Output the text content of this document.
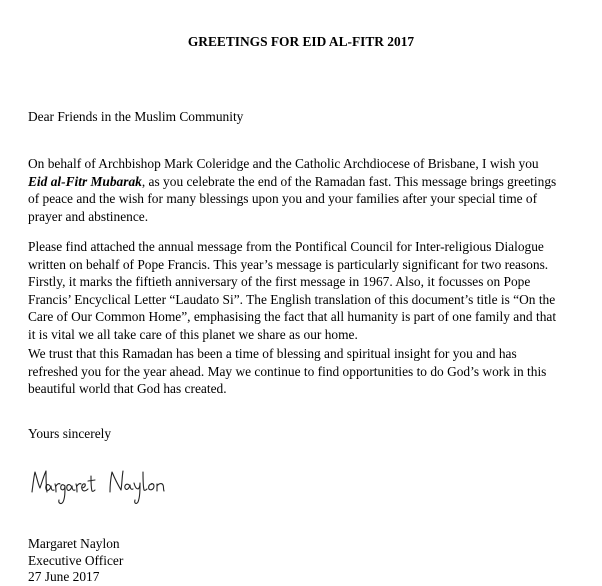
GREETINGS FOR EID AL-FITR 2017

Dear Friends in the Muslim Community

On behalf of Archbishop Mark Coleridge and the Catholic Archdiocese of Brisbane, I wish you
Eid al-Fitr Mubarak, as you celebrate the end of the Ramadan fast. This message brings greetings
of peace and the wish for many blessings upon you and your families after your special time of
prayer and abstinence.

Please find attached the annual message from the Pontifical Council for Inter-religious Dialogue
written on behalf of Pope Francis. This year’s message is particularly significant for two reasons.
Firstly, it marks the fiftieth anniversary of the first message in 1967. Also, it focusses on Pope
Francis’ Encyclical Letter “Laudato Si”. The English translation of this document’s title is “On the
Care of Our Common Home”, emphasising the fact that all humanity is part of one family and that
it is vital we all take care of this planet we share as our home.

We trust that this Ramadan has been a time of blessing and spiritual insight for you and has
refreshed you for the year ahead. May we continue to find opportunities to do God’s work in this
beautiful world that God has created.

Yours sincerely

Margaret Naylon
Executive Officer
27 June 2017
